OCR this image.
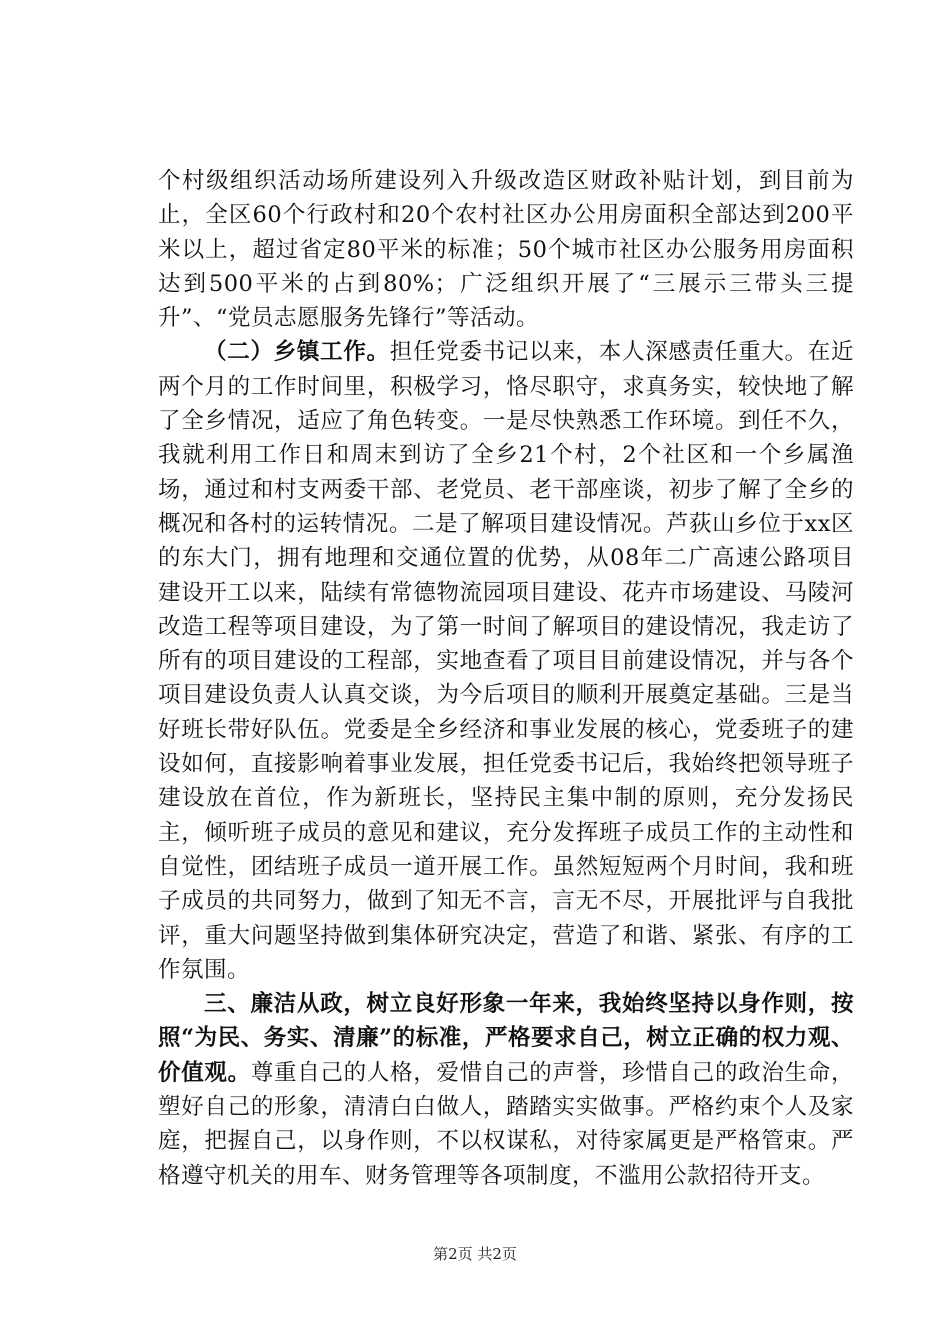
个村级组织活动场所建设列入升级改造区财政补贴计划，到目前为止，全区60个行政村和20个农村社区办公用房面积全部达到200平米以上，超过省定80平米的标准；50个城市社区办公服务用房面积达到500平米的占到80%；广泛组织开展了“三展示三带头三提升”、“党员志愿服务先锋行”等活动。

（二）乡镇工作。担任党委书记以来，本人深感责任重大。在近两个月的工作时间里，积极学习，恪尽职守，求真务实，较快地了解了全乡情况，适应了角色转变。一是尽快熟悉工作环境。到任不久，我就利用工作日和周末到访了全乡21个村，2个社区和一个乡属渔场，通过和村支两委干部、老党员、老干部座谈，初步了解了全乡的概况和各村的运转情况。二是了解项目建设情况。芦荻山乡位于xx区的东大门，拥有地理和交通位置的优势，从08年二广高速公路项目建设开工以来，陆续有常德物流园项目建设、花卉市场建设、马陵河改造工程等项目建设，为了第一时间了解项目的建设情况，我走访了所有的项目建设的工程部，实地查看了项目目前建设情况，并与各个项目建设负责人认真交谈，为今后项目的顺利开展奠定基础。三是当好班长带好队伍。党委是全乡经济和事业发展的核心，党委班子的建设如何，直接影响着事业发展，担任党委书记后，我始终把领导班子建设放在首位，作为新班长，坚持民主集中制的原则，充分发扬民主，倾听班子成员的意见和建议，充分发挥班子成员工作的主动性和自觉性，团结班子成员一道开展工作。虽然短短两个月时间，我和班子成员的共同努力，做到了知无不言，言无不尽，开展批评与自我批评，重大问题坚持做到集体研究决定，营造了和谐、紧张、有序的工作氛围。

三、廉洁从政，树立良好形象一年来，我始终坚持以身作则，按照“为民、务实、清廉”的标准，严格要求自己，树立正确的权力观、价值观。尊重自己的人格，爱惜自己的声誉，珍惜自己的政治生命，塑好自己的形象，清清白白做人，踏踏实实做事。严格约束个人及家庭，把握自己，以身作则，不以权谋私，对待家属更是严格管束。严格遵守机关的用车、财务管理等各项制度，不滥用公款招待开支。

第2页 共2页
